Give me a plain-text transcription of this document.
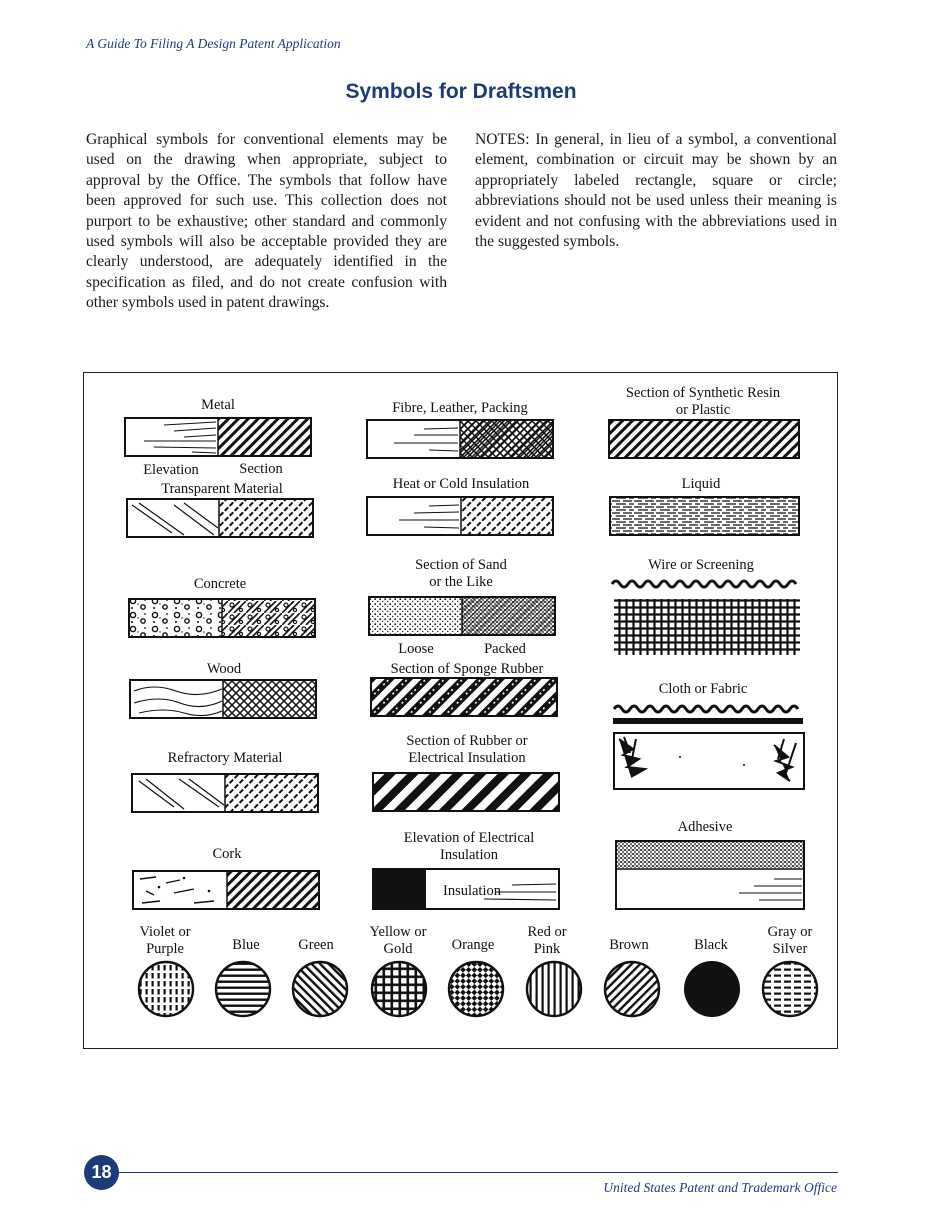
A Guide To Filing A Design Patent Application
Symbols for Draftsmen
Graphical symbols for conventional elements may be used on the drawing when appropriate, subject to approval by the Office. The symbols that follow have been approved for such use. This collection does not purport to be exhaustive; other standard and commonly used symbols will also be acceptable provided they are clearly understood, are adequately identified in the specification as filed, and do not create confusion with other symbols used in patent drawings.
NOTES: In general, in lieu of a symbol, a conventional element, combination or circuit may be shown by an appropriately labeled rectangle, square or circle; abbreviations should not be used unless their meaning is evident and not confusing with the abbreviations used in the suggested symbols.
Metal
Elevation	Section
Transparent Material
Concrete
Wood
Refractory Material
Cork
Fibre, Leather, Packing
Heat or Cold Insulation
Section of Sand
or the Like
Loose	Packed
Section of Sponge Rubber
Section of Rubber or
Electrical Insulation
Elevation of Electrical
Insulation
Insulation
Section of Synthetic Resin
or Plastic
Liquid
Wire or Screening
Cloth or Fabric
Adhesive
Violet or
Purple	Blue	Green
Yellow or
Gold	Orange
Red or
Pink	Brown	Black
Gray or
Silver
18
United States Patent and Trademark Office
